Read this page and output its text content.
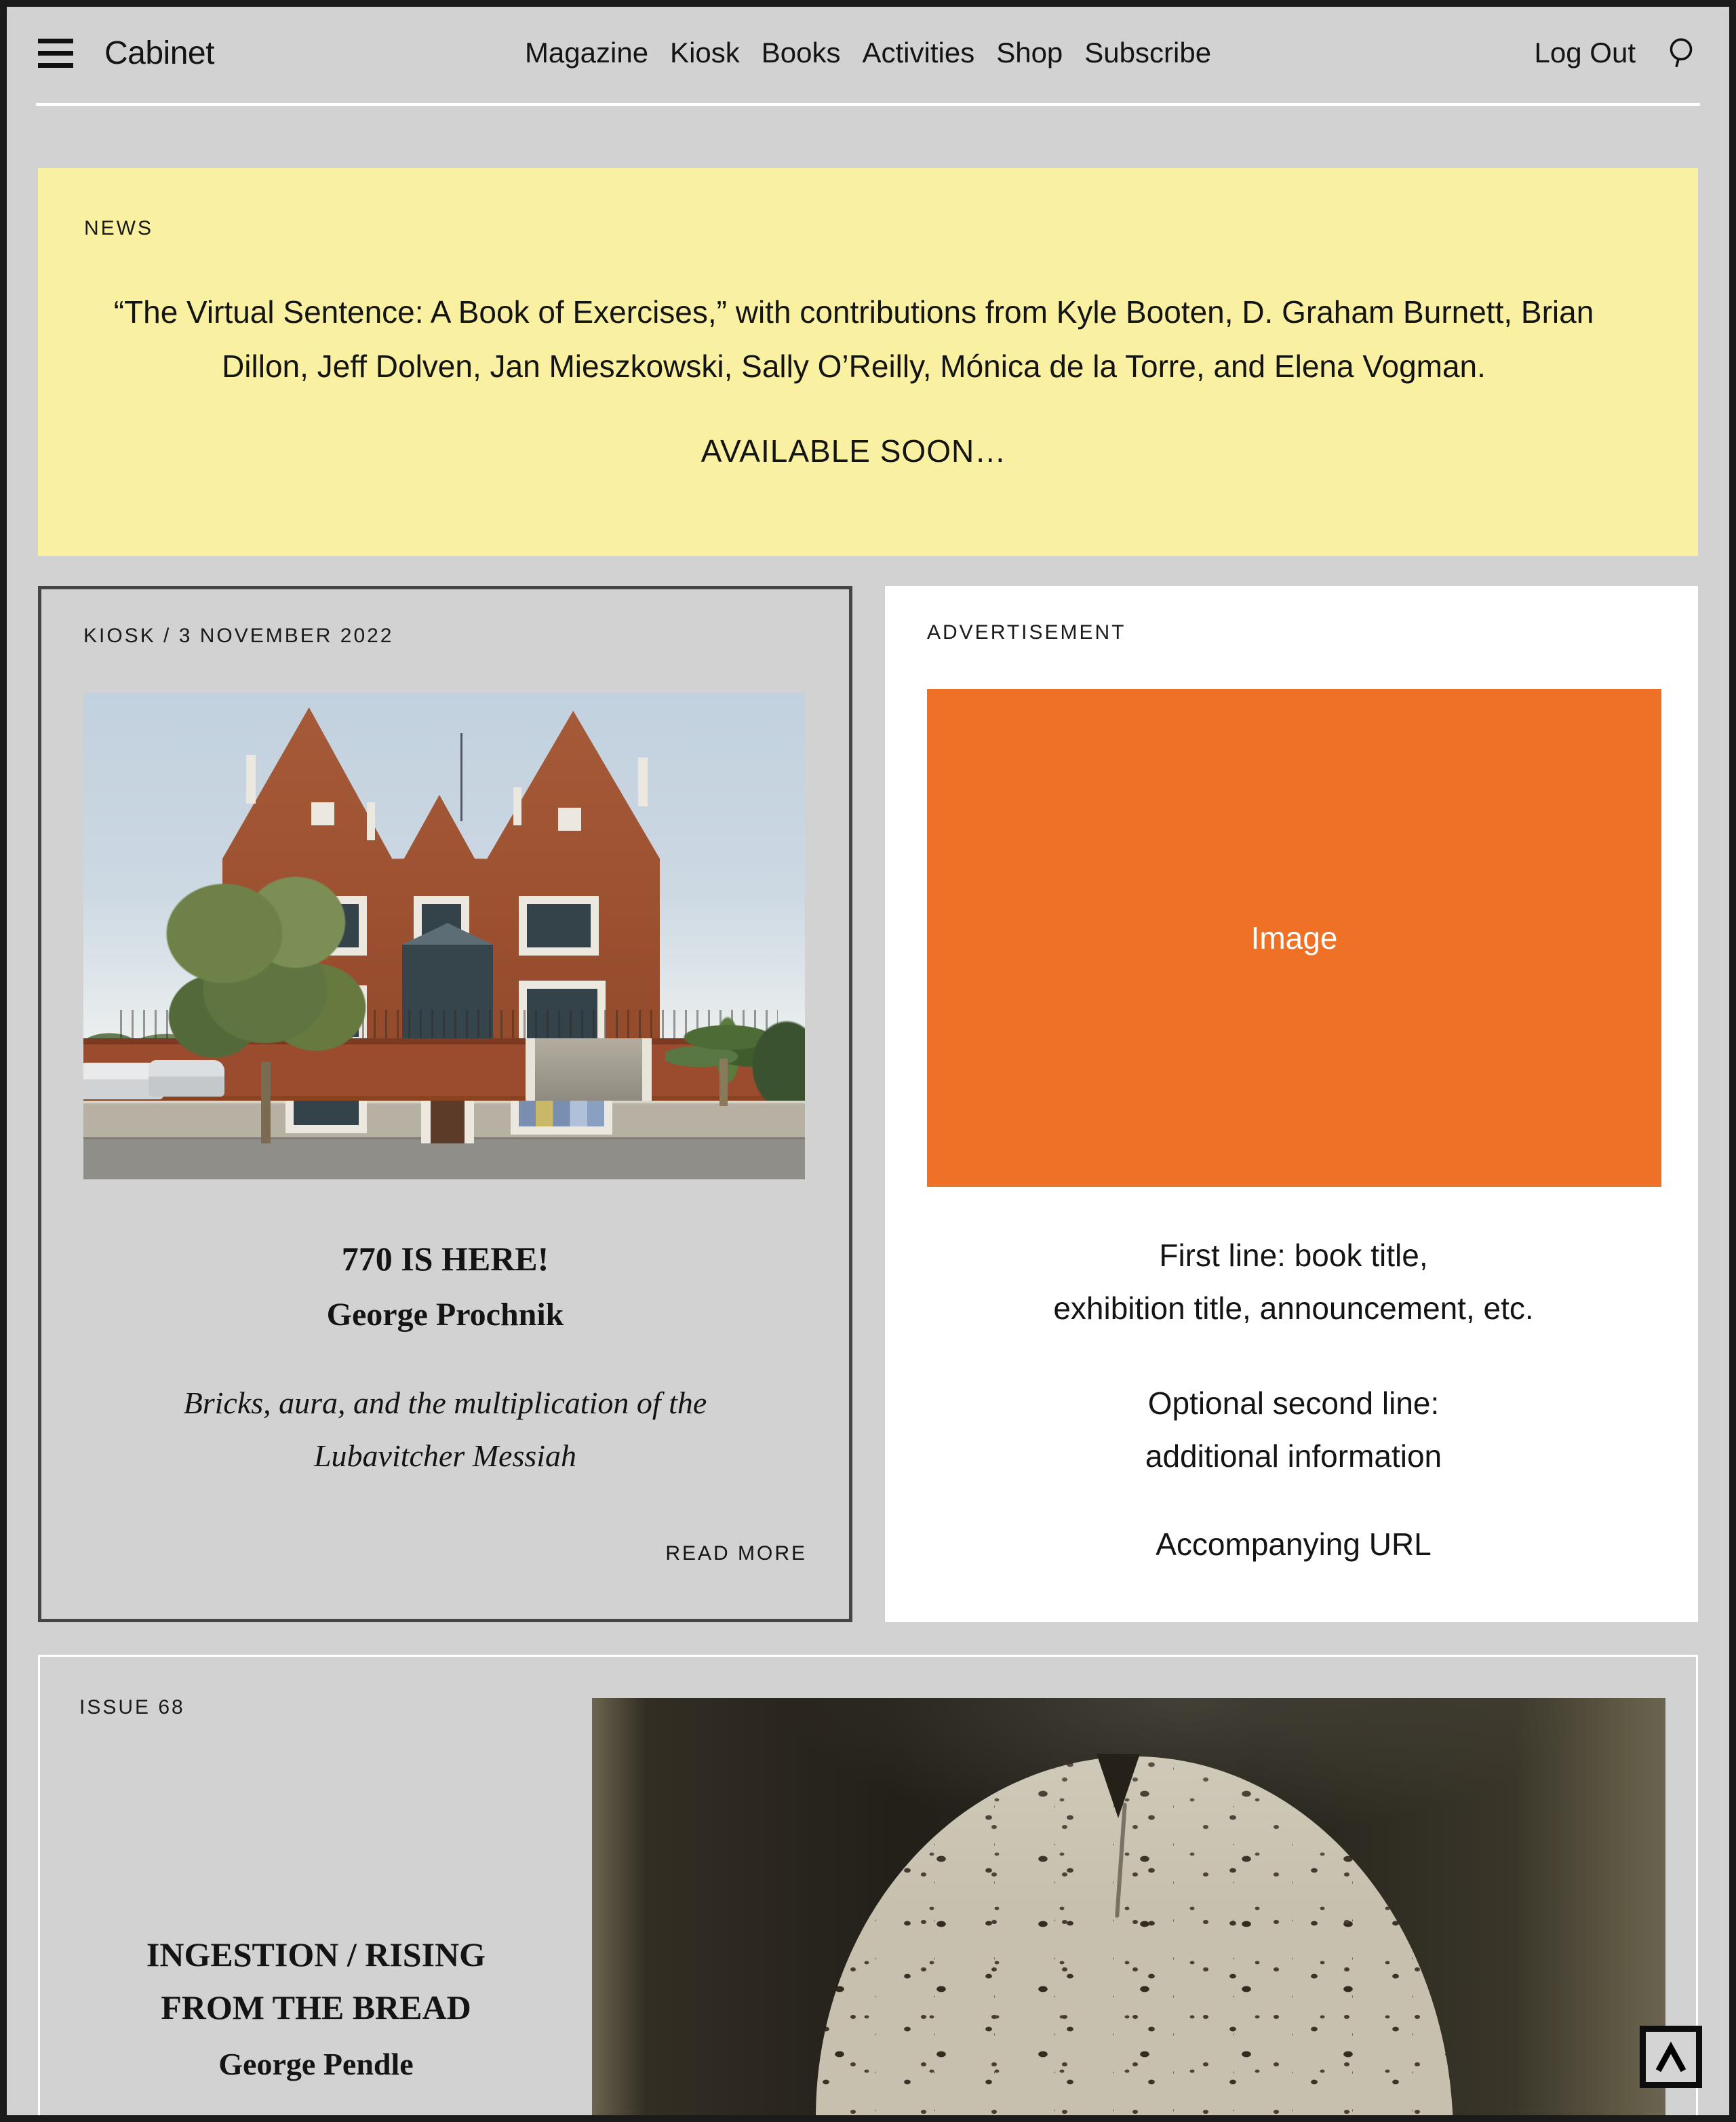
Cabinet	Magazine Kiosk Books Activities Shop Subscribe	Log Out
NEWS
“The Virtual Sentence: A Book of Exercises,” with contributions from Kyle Booten, D. Graham Burnett, Brian Dillon, Jeff Dolven, Jan Mieszkowski, Sally O’Reilly, Mónica de la Torre, and Elena Vogman.
AVAILABLE SOON…
KIOSK / 3 NOVEMBER 2022
770 IS HERE!
George Prochnik
Bricks, aura, and the multiplication of the Lubavitcher Messiah
READ MORE
ADVERTISEMENT
Image
First line: book title,
exhibition title, announcement, etc.
Optional second line:
additional information
Accompanying URL
ISSUE 68
INGESTION / RISING
FROM THE BREAD
George Pendle
